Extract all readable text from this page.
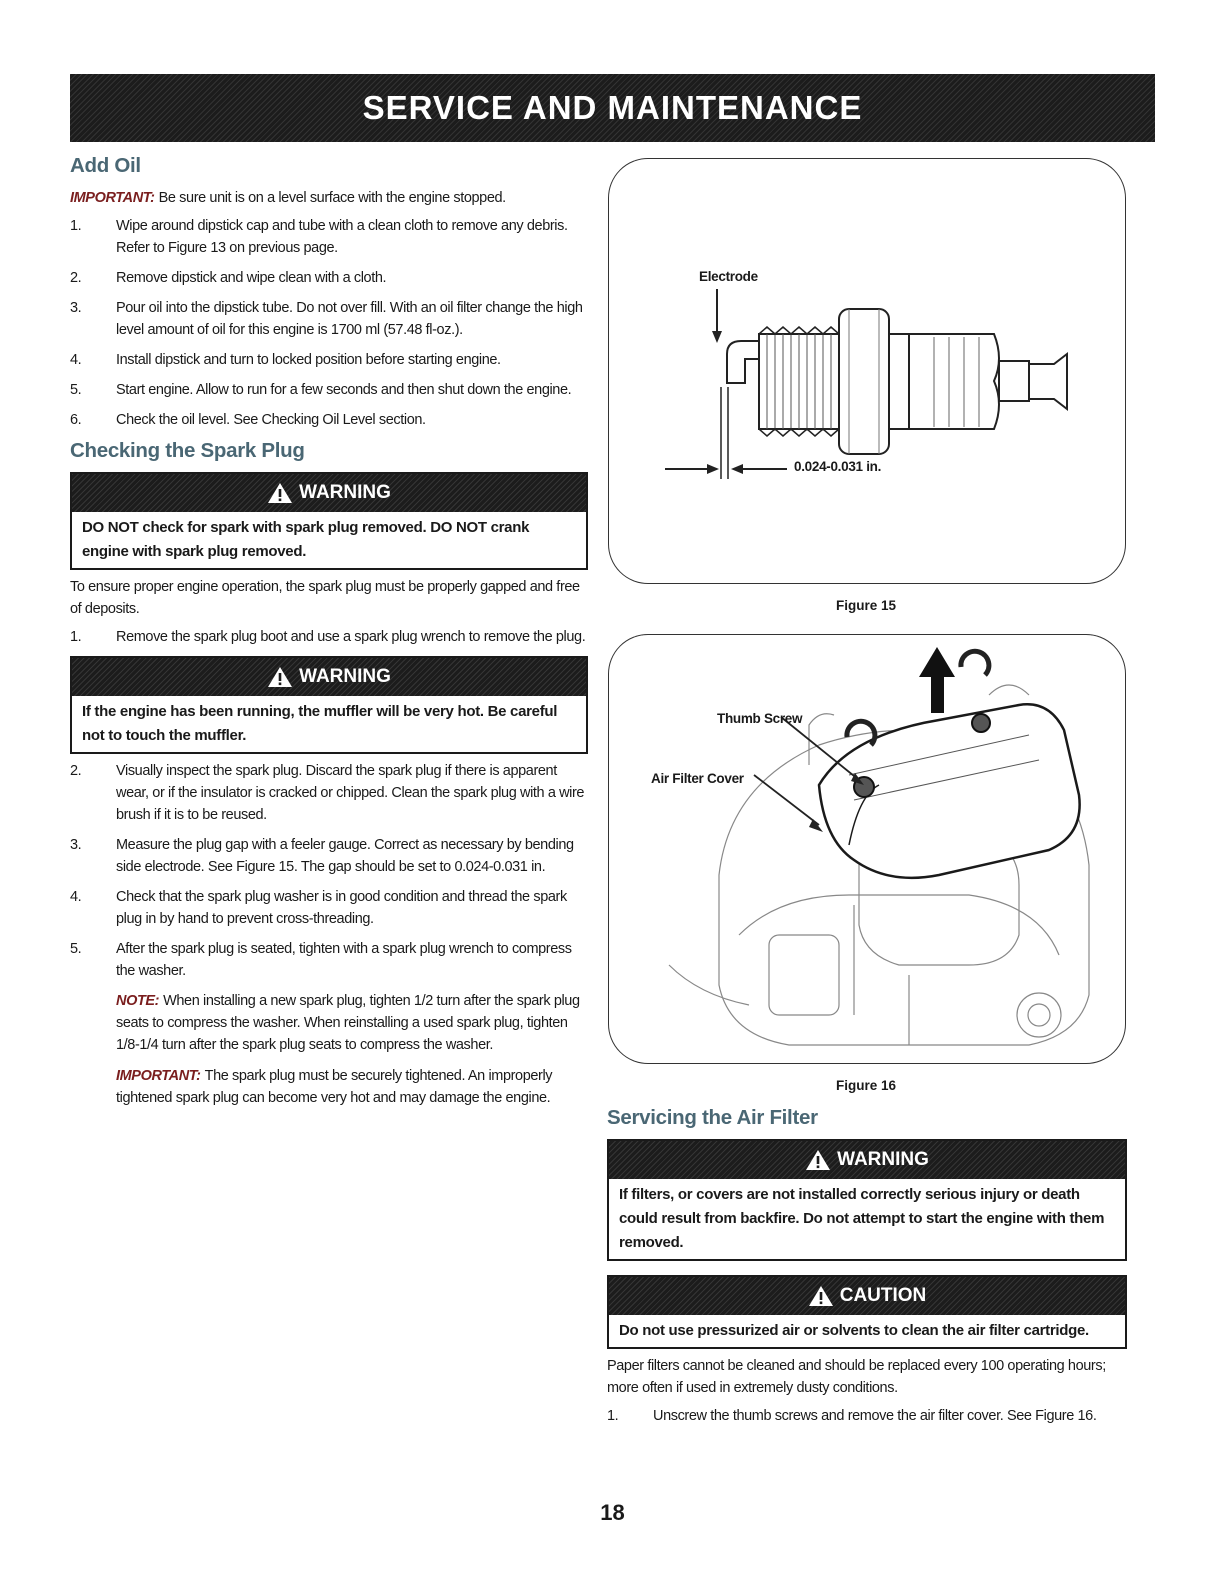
SERVICE AND MAINTENANCE
Add Oil

IMPORTANT: Be sure unit is on a level surface with the engine stopped.

1. Wipe around dipstick cap and tube with a clean cloth to remove any debris. Refer to Figure 13 on previous page.
2. Remove dipstick and wipe clean with a cloth.
3. Pour oil into the dipstick tube. Do not over fill. With an oil filter change the high level amount of oil for this engine is 1700 ml (57.48 fl-oz.).
4. Install dipstick and turn to locked position before starting engine.
5. Start engine. Allow to run for a few seconds and then shut down the engine.
6. Check the oil level. See Checking Oil Level section.
Checking the Spark Plug
WARNING
DO NOT check for spark with spark plug removed. DO NOT crank engine with spark plug removed.

To ensure proper engine operation, the spark plug must be properly gapped and free of deposits.

1. Remove the spark plug boot and use a spark plug wrench to remove the plug.
WARNING
If the engine has been running, the muffler will be very hot. Be careful not to touch the muffler.
2. Visually inspect the spark plug. Discard the spark plug if there is apparent wear, or if the insulator is cracked or chipped. Clean the spark plug with a wire brush if it is to be reused.
3. Measure the plug gap with a feeler gauge. Correct as necessary by bending side electrode. See Figure 15. The gap should be set to 0.024-0.031 in.
4. Check that the spark plug washer is in good condition and thread the spark plug in by hand to prevent cross-threading.
5. After the spark plug is seated, tighten with a spark plug wrench to compress the washer.

NOTE: When installing a new spark plug, tighten 1/2 turn after the spark plug seats to compress the washer. When reinstalling a used spark plug, tighten 1/8-1/4 turn after the spark plug seats to compress the washer.

IMPORTANT: The spark plug must be securely tightened. An improperly tightened spark plug can become very hot and may damage the engine.

Electrode
0.024-0.031 in.
Figure 15
Thumb Screw
Air Filter Cover
Figure 16
Servicing the Air Filter
WARNING
If filters, or covers are not installed correctly serious injury or death could result from backfire. Do not attempt to start the engine with them removed.
CAUTION
Do not use pressurized air or solvents to clean the air filter cartridge.

Paper filters cannot be cleaned and should be replaced every 100 operating hours; more often if used in extremely dusty conditions.

1. Unscrew the thumb screws and remove the air filter cover. See Figure 16.
18
